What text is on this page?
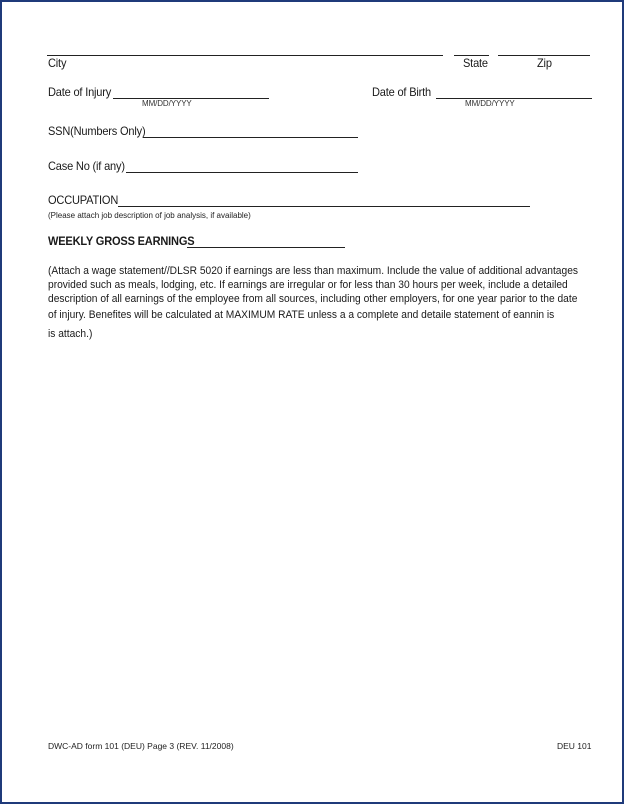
City	State	Zip
Date of Injury
MM/DD/YYYY
Date of Birth
MM/DD/YYYY
SSN(Numbers Only)
Case No (if any)
OCCUPATION
(Please attach job description of job analysis, if available)
WEEKLY GROSS EARNINGS
(Attach a wage statement//DLSR 5020 if earnings are less than maximum. Include the value of additional advantages
provided such as meals, lodging, etc. If earnings are irregular or for less than 30 hours per week, include a detailed
description of all earnings of the employee from all sources, including other employers, for one year parior to the date
of injury. Benefites will be calculated at MAXIMUM RATE unless a a complete and detaile statement of eannin is
is attach.)
DWC-AD form 101 (DEU) Page 3 (REV. 11/2008)	DEU 101
